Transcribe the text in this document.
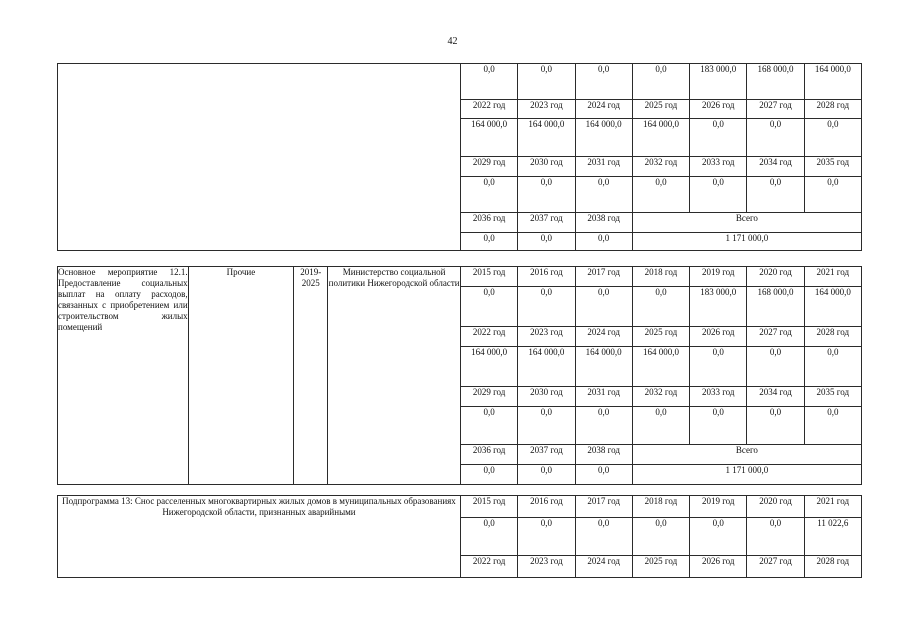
42
	0,0	0,0	0,0	0,0	183 000,0	168 000,0	164 000,0
	2022 год	2023 год	2024 год	2025 год	2026 год	2027 год	2028 год
	164 000,0	164 000,0	164 000,0	164 000,0	0,0	0,0	0,0
	2029 год	2030 год	2031 год	2032 год	2033 год	2034 год	2035 год
	0,0	0,0	0,0	0,0	0,0	0,0	0,0
	2036 год	2037 год	2038 год	Всего			
	0,0	0,0	0,0	1 171 000,0			
Основное мероприятие 12.1. Предоставление социальных выплат на оплату расходов, связанных с приобретением или строительством жилых помещений	Прочие	2019-2025	Министерство социальной политики Нижегородской области	2015 год	2016 год	2017 год	2018 год	2019 год	2020 год	2021 год
				0,0	0,0	0,0	0,0	183 000,0	168 000,0	164 000,0
				2022 год	2023 год	2024 год	2025 год	2026 год	2027 год	2028 год
				164 000,0	164 000,0	164 000,0	164 000,0	0,0	0,0	0,0
				2029 год	2030 год	2031 год	2032 год	2033 год	2034 год	2035 год
				0,0	0,0	0,0	0,0	0,0	0,0	0,0
				2036 год	2037 год	2038 год	Всего			
				0,0	0,0	0,0	1 171 000,0			
Подпрограмма 13: Снос расселенных многоквартирных жилых домов в муниципальных образованиях Нижегородской области, признанных аварийными	2015 год	2016 год	2017 год	2018 год	2019 год	2020 год	2021 год
	0,0	0,0	0,0	0,0	0,0	0,0	11 022,6
	2022 год	2023 год	2024 год	2025 год	2026 год	2027 год	2028 год
